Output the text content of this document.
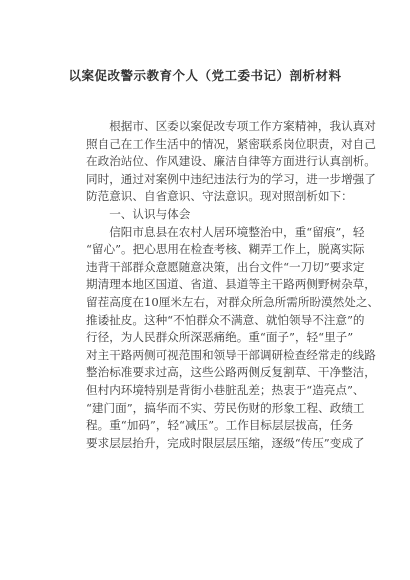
以案促改警示教育个人（党工委书记）剖析材料
　　根据市、区委以案促改专项工作方案精神，我认真对
照自己在工作生活中的情况，紧密联系岗位职责，对自己
在政治站位、作风建设、廉洁自律等方面进行认真剖析。
同时，通过对案例中违纪违法行为的学习，进一步增强了
防范意识、自省意识、守法意识。现对照剖析如下：
　　一、认识与体会
　　信阳市息县在农村人居环境整治中，重“留痕”，轻
“留心”。把心思用在检查考核、糊弄工作上，脱离实际
违背干部群众意愿随意决策，出台文件“一刀切”要求定
期清理本地区国道、省道、县道等主干路两侧野树杂草，
留茬高度在10厘米左右，对群众所急所需所盼漠然处之、
推诿扯皮。这种“不怕群众不满意、就怕领导不注意”的
行径，为人民群众所深恶痛绝。重“面子”，轻“里子”
对主干路两侧可视范围和领导干部调研检查经常走的线路
整治标准要求过高，这些公路两侧反复割草、干净整洁，
但村内环境特别是背街小巷脏乱差；热衷于“造亮点”、
“建门面”，搞华而不实、劳民伤财的形象工程、政绩工
程。重“加码”，轻“减压”。工作目标层层拔高，任务
要求层层抬升，完成时限层层压缩，逐级“传压”变成了
